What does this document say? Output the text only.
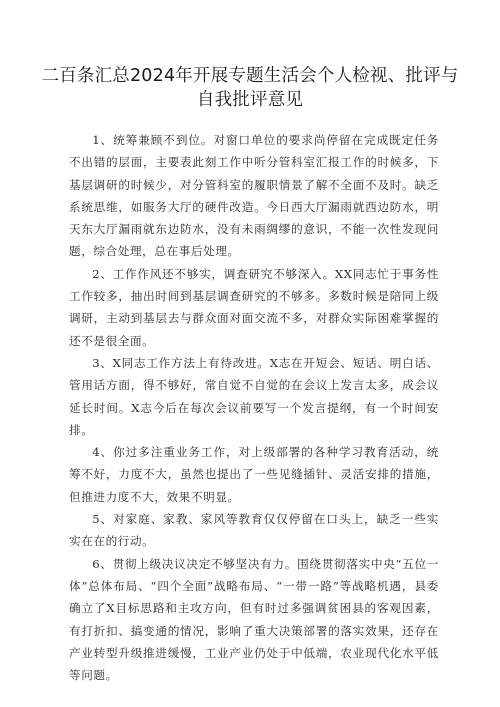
二百条汇总2024年开展专题生活会个人检视、批评与
自我批评意见

1、统筹兼顾不到位。对窗口单位的要求尚停留在完成既定任务不出错的层面，主要表此刻工作中听分管科室汇报工作的时候多，下基层调研的时候少，对分管科室的履职情景了解不全面不及时。缺乏系统思维，如服务大厅的硬件改造。今日西大厅漏雨就西边防水，明天东大厅漏雨就东边防水，没有未雨绸缪的意识，不能一次性发现问题，综合处理，总在事后处理。

2、工作作风还不够实，调查研究不够深入。XX同志忙于事务性工作较多，抽出时间到基层调查研究的不够多。多数时候是陪同上级调研，主动到基层去与群众面对面交流不多，对群众实际困难掌握的还不是很全面。

3、X同志工作方法上有待改进。X志在开短会、短话、明白话、管用话方面，得不够好，常自觉不自觉的在会议上发言太多，成会议延长时间。X志今后在每次会议前要写一个发言提纲，有一个时间安排。

4、你过多注重业务工作，对上级部署的各种学习教育活动，统筹不好，力度不大，虽然也提出了一些见缝插针、灵活安排的措施，但推进力度不大，效果不明显。

5、对家庭、家教、家风等教育仅仅停留在口头上，缺乏一些实实在在的行动。

6、贯彻上级决议决定不够坚决有力。围绕贯彻落实中央“五位一体”总体布局、“四个全面”战略布局、“一带一路”等战略机遇，县委确立了X目标思路和主攻方向，但有时过多强调贫困县的客观因素，有打折扣、搞变通的情况，影响了重大决策部署的落实效果，还存在产业转型升级推进缓慢，工业产业仍处于中低端，农业现代化水平低等问题。
